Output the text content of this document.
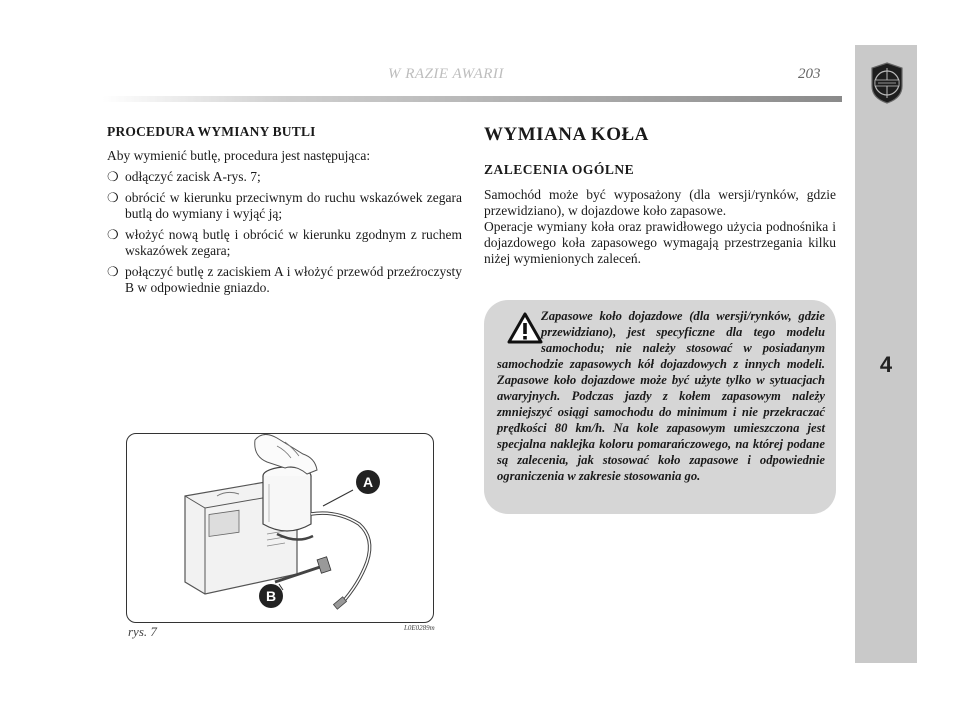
W RAZIE AWARII	203
4
PROCEDURA WYMIANY BUTLI
Aby wymienić butlę, procedura jest następująca:
❍ odłączyć zacisk A-rys. 7;
❍ obrócić w kierunku przeciwnym do ruchu wskazówek zegara butlą do wymiany i wyjąć ją;
❍ włożyć nową butlę i obrócić w kierunku zgodnym z ruchem wskazówek zegara;
❍ połączyć butlę z zaciskiem A i włożyć przewód przeźroczysty B w odpowiednie gniazdo.
A
B
rys. 7	L0E0289m
WYMIANA KOŁA
ZALECENIA OGÓLNE

Samochód może być wyposażony (dla wersji/rynków, gdzie przewidziano), w dojazdowe koło zapasowe.

Operacje wymiany koła oraz prawidłowego użycia podnośnika i dojazdowego koła zapasowego wymagają przestrzegania kilku niżej wymienionych zaleceń.

Zapasowe koło dojazdowe (dla wersji/rynków, gdzie przewidziano), jest specyficzne dla tego modelu samochodu; nie należy stosować w posiadanym samochodzie zapasowych kół dojazdowych z innych modeli. Zapasowe koło dojazdowe może być użyte tylko w sytuacjach awaryjnych. Podczas jazdy z kołem zapasowym należy zmniejszyć osiągi samochodu do minimum i nie przekraczać prędkości 80 km/h. Na kole zapasowym umieszczona jest specjalna naklejka koloru pomarańczowego, na której podane są zalecenia, jak stosować koło zapasowe i odpowiednie ograniczenia w zakresie stosowania go.
